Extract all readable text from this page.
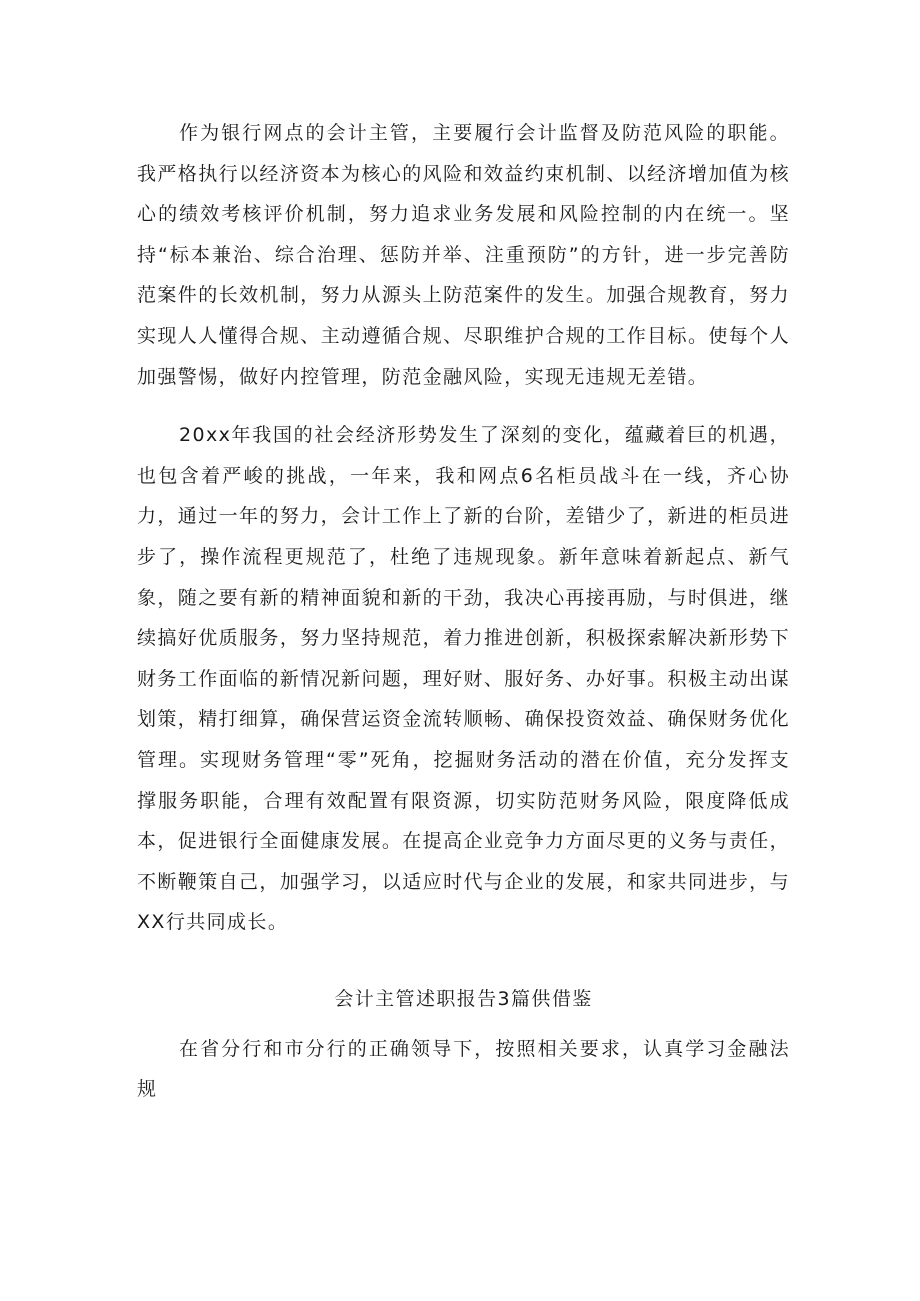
作为银行网点的会计主管，主要履行会计监督及防范风险的职能。我严格执行以经济资本为核心的风险和效益约束机制、以经济增加值为核心的绩效考核评价机制，努力追求业务发展和风险控制的内在统一。坚持“标本兼治、综合治理、惩防并举、注重预防”的方针，进一步完善防范案件的长效机制，努力从源头上防范案件的发生。加强合规教育，努力实现人人懂得合规、主动遵循合规、尽职维护合规的工作目标。使每个人加强警惕，做好内控管理，防范金融风险，实现无违规无差错。

20xx年我国的社会经济形势发生了深刻的变化，蕴藏着巨的机遇，也包含着严峻的挑战，一年来，我和网点6名柜员战斗在一线，齐心协力，通过一年的努力，会计工作上了新的台阶，差错少了，新进的柜员进步了，操作流程更规范了，杜绝了违规现象。新年意味着新起点、新气象，随之要有新的精神面貌和新的干劲，我决心再接再励，与时俱进，继续搞好优质服务，努力坚持规范，着力推进创新，积极探索解决新形势下财务工作面临的新情况新问题，理好财、服好务、办好事。积极主动出谋划策，精打细算，确保营运资金流转顺畅、确保投资效益、确保财务优化管理。实现财务管理“零”死角，挖掘财务活动的潜在价值，充分发挥支撑服务职能，合理有效配置有限资源，切实防范财务风险，限度降低成本，促进银行全面健康发展。在提高企业竞争力方面尽更的义务与责任，不断鞭策自己，加强学习，以适应时代与企业的发展，和家共同进步，与XX行共同成长。

会计主管述职报告3篇供借鉴

在省分行和市分行的正确领导下，按照相关要求，认真学习金融法规
